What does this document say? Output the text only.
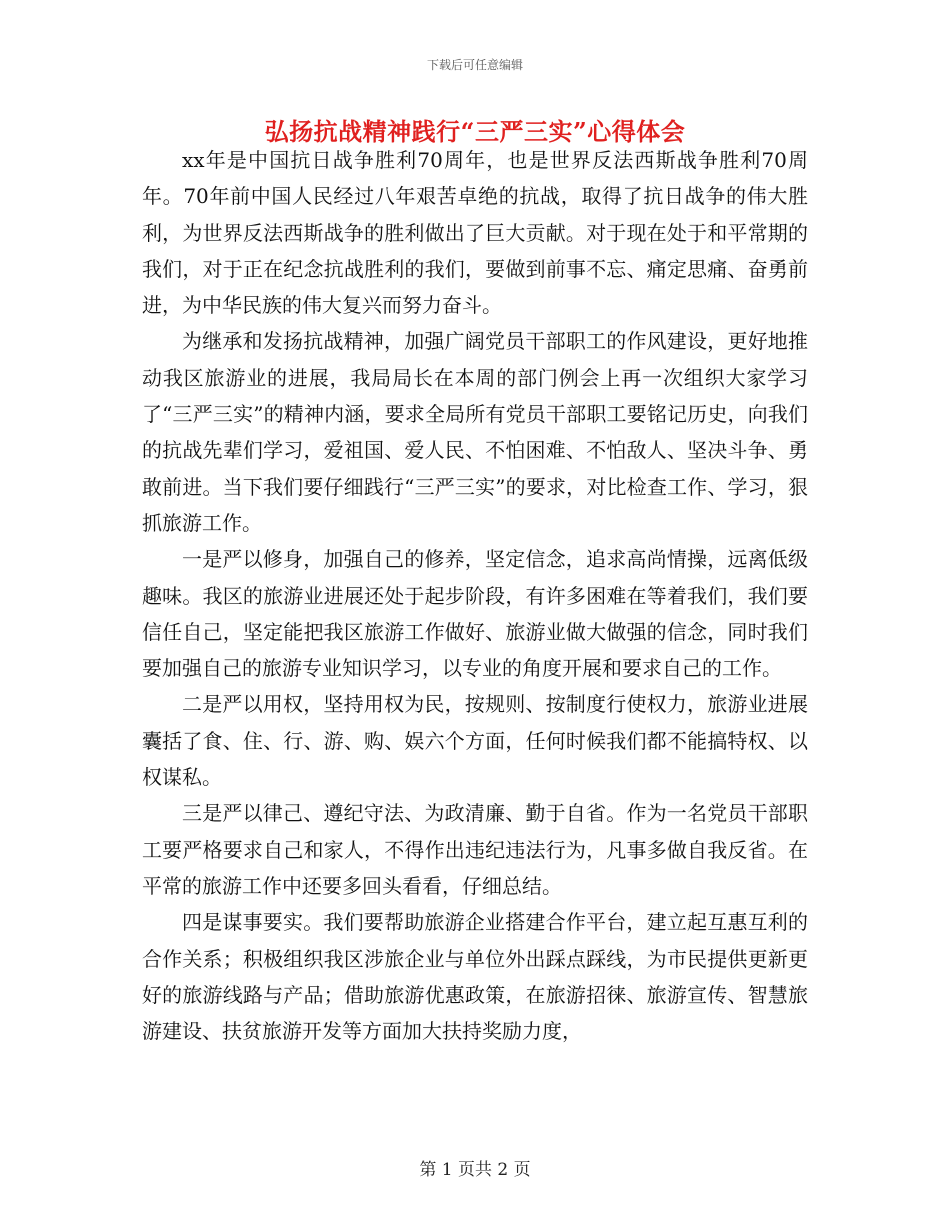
下载后可任意编辑
弘扬抗战精神践行“三严三实”心得体会

xx年是中国抗日战争胜利70周年，也是世界反法西斯战争胜利70周年。70年前中国人民经过八年艰苦卓绝的抗战，取得了抗日战争的伟大胜利，为世界反法西斯战争的胜利做出了巨大贡献。对于现在处于和平常期的我们，对于正在纪念抗战胜利的我们，要做到前事不忘、痛定思痛、奋勇前进，为中华民族的伟大复兴而努力奋斗。

为继承和发扬抗战精神，加强广阔党员干部职工的作风建设，更好地推动我区旅游业的进展，我局局长在本周的部门例会上再一次组织大家学习了“三严三实”的精神内涵，要求全局所有党员干部职工要铭记历史，向我们的抗战先辈们学习，爱祖国、爱人民、不怕困难、不怕敌人、坚决斗争、勇敢前进。当下我们要仔细践行“三严三实”的要求，对比检查工作、学习，狠抓旅游工作。

一是严以修身，加强自己的修养，坚定信念，追求高尚情操，远离低级趣味。我区的旅游业进展还处于起步阶段，有许多困难在等着我们，我们要信任自己，坚定能把我区旅游工作做好、旅游业做大做强的信念，同时我们要加强自己的旅游专业知识学习，以专业的角度开展和要求自己的工作。

二是严以用权，坚持用权为民，按规则、按制度行使权力，旅游业进展囊括了食、住、行、游、购、娱六个方面，任何时候我们都不能搞特权、以权谋私。

三是严以律己、遵纪守法、为政清廉、勤于自省。作为一名党员干部职工要严格要求自己和家人，不得作出违纪违法行为，凡事多做自我反省。在平常的旅游工作中还要多回头看看，仔细总结。

四是谋事要实。我们要帮助旅游企业搭建合作平台，建立起互惠互利的合作关系；积极组织我区涉旅企业与单位外出踩点踩线，为市民提供更新更好的旅游线路与产品；借助旅游优惠政策，在旅游招徕、旅游宣传、智慧旅游建设、扶贫旅游开发等方面加大扶持奖励力度，

第 1 页共 2 页
